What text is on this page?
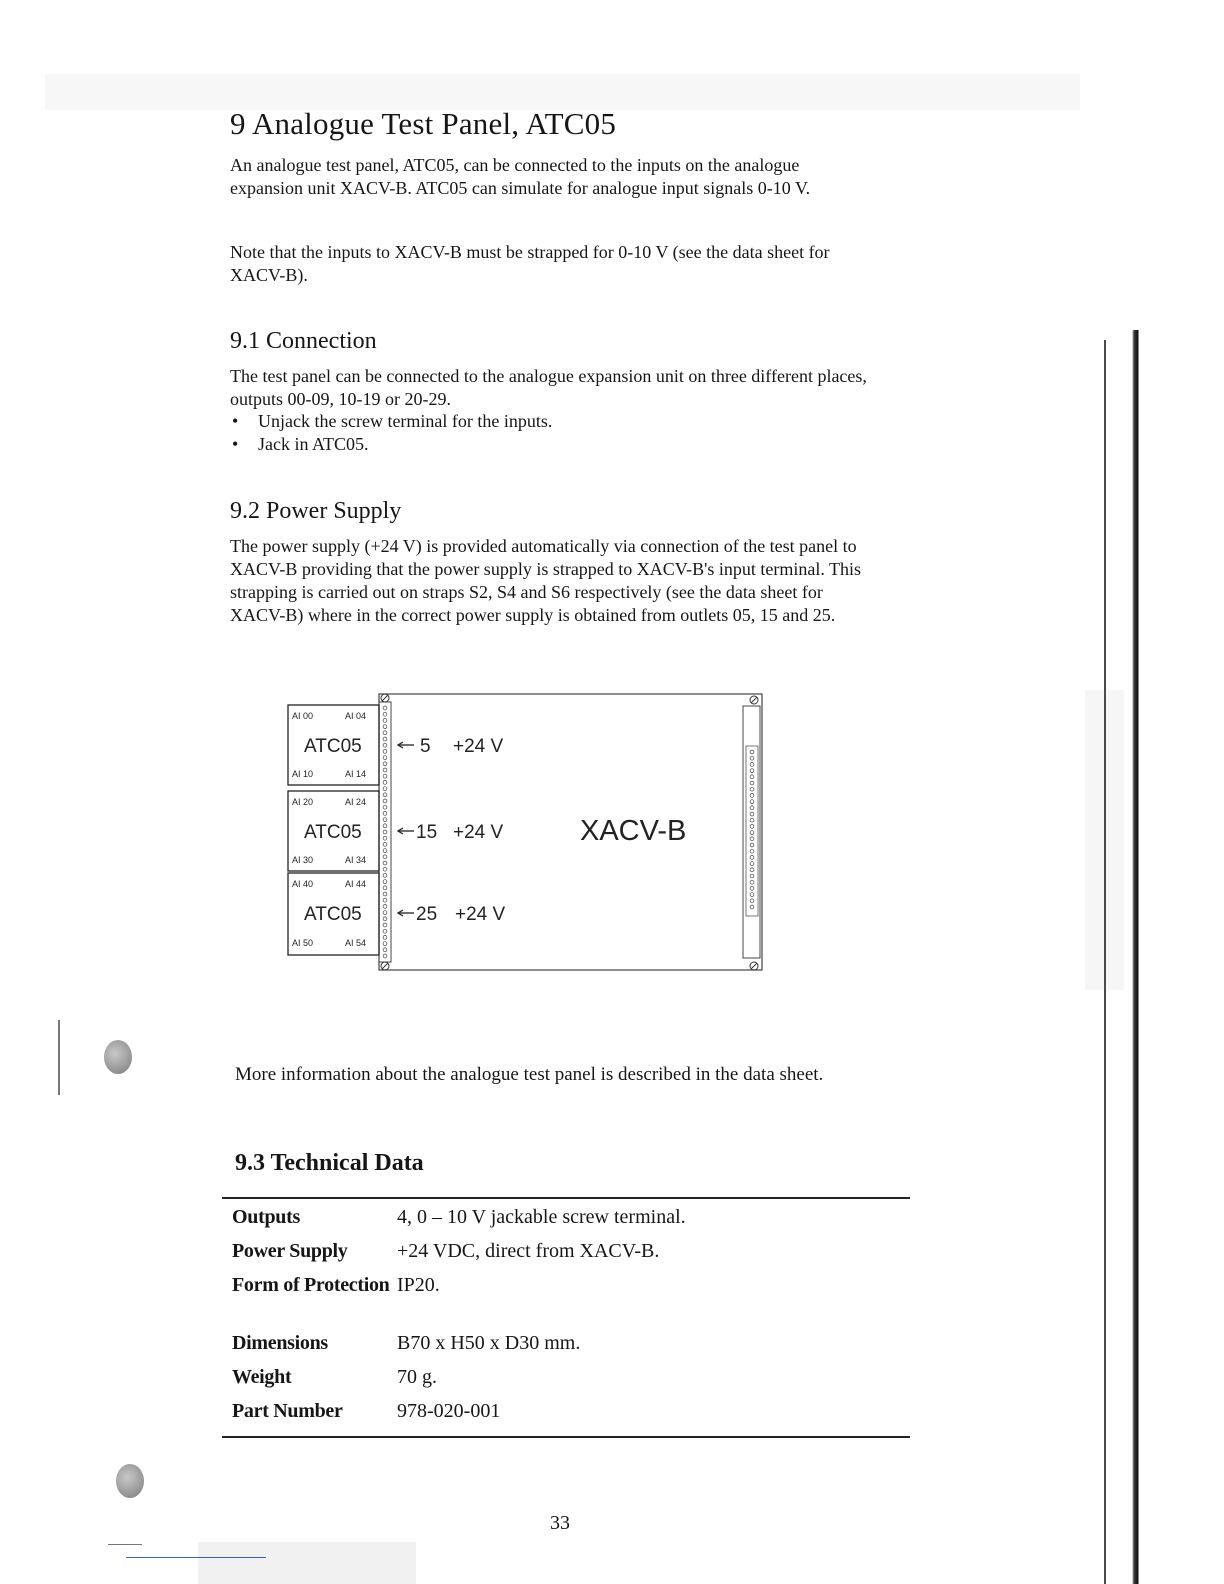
9 Analogue Test Panel, ATC05

An analogue test panel, ATC05, can be connected to the inputs on the analogue expansion unit XACV-B. ATC05 can simulate for analogue input signals 0-10 V.

Note that the inputs to XACV-B must be strapped for 0-10 V (see the data sheet for XACV-B).

9.1 Connection

The test panel can be connected to the analogue expansion unit on three different places, outputs 00-09, 10-19 or 20-29.

• Unjack the screw terminal for the inputs.
• Jack in ATC05.
9.2 Power Supply

The power supply (+24 V) is provided automatically via connection of the test panel to XACV-B providing that the power supply is strapped to XACV-B's input terminal. This strapping is carried out on straps S2, S4 and S6 respectively (see the data sheet for XACV-B) where in the correct power supply is obtained from outlets 05, 15 and 25.

AI 00	AI 04
ATC05
AI 10	AI 14
5 +24 V
AI 20	AI 24
ATC05
AI 30	AI 34
15 +24 V
AI 40	AI 44
ATC05
AI 50	AI 54
25 +24 V
XACV-B

More information about the analogue test panel is described in the data sheet.

9.3 Technical Data
Outputs	4, 0 – 10 V jackable screw terminal.
Power Supply	+24 VDC, direct from XACV-B.
Form of Protection	IP20.
Dimensions	B70 x H50 x D30 mm.
Weight	70 g.
Part Number	978-020-001
33
